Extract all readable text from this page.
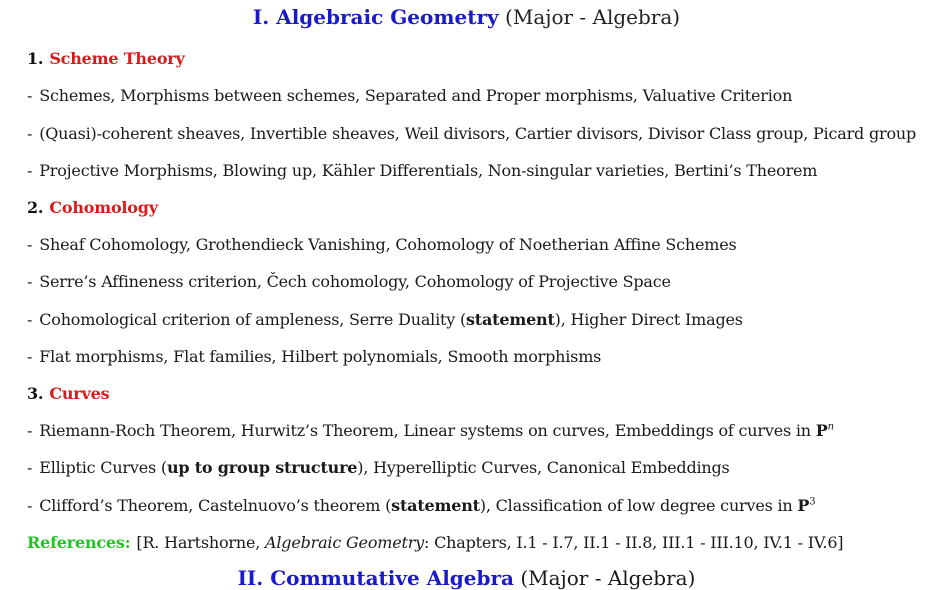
I. Algebraic Geometry (Major - Algebra)
1. Scheme Theory
- Schemes, Morphisms between schemes, Separated and Proper morphisms, Valuative Criterion
- (Quasi)-coherent sheaves, Invertible sheaves, Weil divisors, Cartier divisors, Divisor Class group, Picard group
- Projective Morphisms, Blowing up, Kähler Differentials, Non-singular varieties, Bertini’s Theorem
2. Cohomology
- Sheaf Cohomology, Grothendieck Vanishing, Cohomology of Noetherian Affine Schemes
- Serre’s Affineness criterion, Čech cohomology, Cohomology of Projective Space
- Cohomological criterion of ampleness, Serre Duality (statement), Higher Direct Images
- Flat morphisms, Flat families, Hilbert polynomials, Smooth morphisms
3. Curves
- Riemann-Roch Theorem, Hurwitz’s Theorem, Linear systems on curves, Embeddings of curves in $P^n$
- Elliptic Curves (up to group structure), Hyperelliptic Curves, Canonical Embeddings
- Clifford’s Theorem, Castelnuovo’s theorem (statement), Classification of low degree curves in $P^3$
References: [R. Hartshorne, Algebraic Geometry: Chapters, I.1 - I.7, II.1 - II.8, III.1 - III.10, IV.1 - IV.6]
II. Commutative Algebra (Major - Algebra)
